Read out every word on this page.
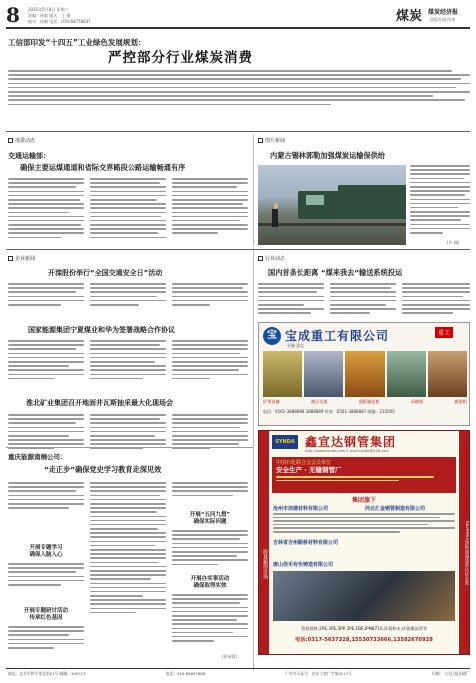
8 2021年5月8日 星期六
责编：孙敏 版式：王 静
校对：孙敏 电话：010-68778837	煤炭 煤炭经济报
国际在线·经济
工信部印发“十四五”工业绿色发展规划：
严控部分行业煤炭消费
部委动态
交通运输部：
确保主要运煤通道和省际交界路段公路运输畅通有序
图片新闻
内蒙古锡林郭勒加强煤炭运输保供给
(许 楠)
企业新闻
开滦股份举行“全国交通安全日”活动
国家能源集团宁夏煤业和华为签署战略合作协议
淮北矿业集团召开地面井瓦斯抽采最大化现场会
重庆能源南桐公司：
“走正步”确保党史学习教育走深见效
开展专题学习
确保入脑入心
开展专题研讨活动
传承红色基因
开展“五问九想”
确保实际问题
开展办实事活动
确保取得实效
(彭泽霖)
行业动态
国内首条长距离 “煤来我去”输送系统投运
宝 宝成重工有限公司
安徽·淮北
矿用设备	液压支架	刮板输送机	采煤机	掘进机
电话：0561-3888888 3888889 传真：0561-3888887 邮编：235000
重工
质量赢得市场	ISO9001国际质量体系认证企业
SYNDA 鑫宣达钢管集团
http://www.synda.com E-mail:synda@126.com
中国石化联合会会员单位
安全生产 · 无缝钢管厂
集团旗下
沧州市沛建材料有限公司	河北汇金钢管制造有限公司
吉林省吉州路桥材料有限公司
唐山佳禾有色铸造有限公司
管道规格:2PE,3PE,3PP,3PE,FBE,IPN8710,环氧粉末,环氧煤沥青等
电话:0317-5637328,15530733666,13582670928
地址：北京市和平里北街21号 邮编：100713	电话：010-84657888	广告许可证号：京东工商广字第0117号	印刷：人民日报印刷厂
